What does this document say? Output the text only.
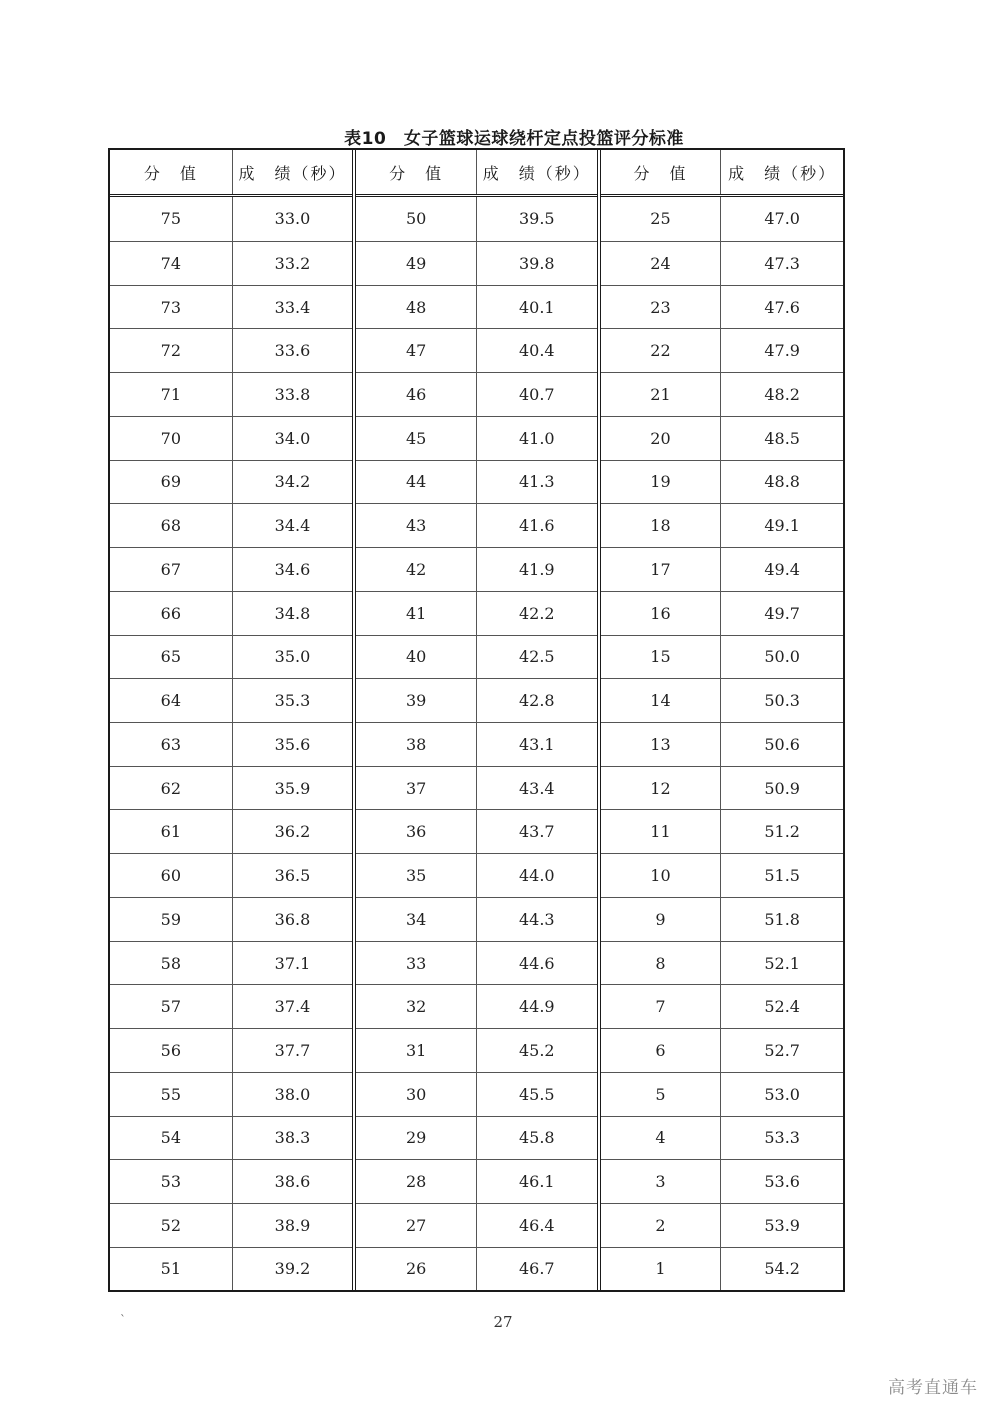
表10　女子篮球运球绕杆定点投篮评分标准
分　值	成　绩（秒）	分　值	成　绩（秒）	分　值	成　绩（秒）
75	33.0	50	39.5	25	47.0
74	33.2	49	39.8	24	47.3
73	33.4	48	40.1	23	47.6
72	33.6	47	40.4	22	47.9
71	33.8	46	40.7	21	48.2
70	34.0	45	41.0	20	48.5
69	34.2	44	41.3	19	48.8
68	34.4	43	41.6	18	49.1
67	34.6	42	41.9	17	49.4
66	34.8	41	42.2	16	49.7
65	35.0	40	42.5	15	50.0
64	35.3	39	42.8	14	50.3
63	35.6	38	43.1	13	50.6
62	35.9	37	43.4	12	50.9
61	36.2	36	43.7	11	51.2
60	36.5	35	44.0	10	51.5
59	36.8	34	44.3	9	51.8
58	37.1	33	44.6	8	52.1
57	37.4	32	44.9	7	52.4
56	37.7	31	45.2	6	52.7
55	38.0	30	45.5	5	53.0
54	38.3	29	45.8	4	53.3
53	38.6	28	46.1	3	53.6
52	38.9	27	46.4	2	53.9
51	39.2	26	46.7	1	54.2
`	27
高考直通车
